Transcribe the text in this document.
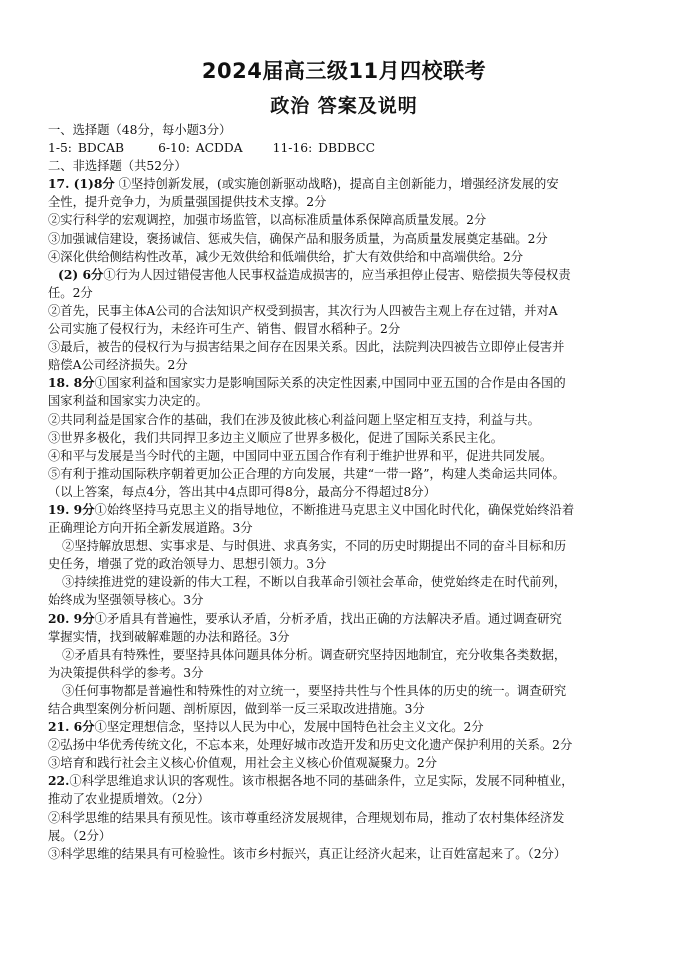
2024届高三级11月四校联考
政治 答案及说明
一、选择题（48分，每小题3分）
1-5: BDCAB	6-10: ACDDA 11-16: DBDBCC
二、非选择题（共52分）
17. (1)8分 ①坚持创新发展，(或实施创新驱动战略)，提高自主创新能力，增强经济发展的安
全性，提升竞争力，为质量强国提供技术支撑。2分
②实行科学的宏观调控，加强市场监管，以高标准质量体系保障高质量发展。2分
③加强诚信建设，褒扬诚信、惩戒失信，确保产品和服务质量，为高质量发展奠定基础。2分
④深化供给侧结构性改革，减少无效供给和低端供给，扩大有效供给和中高端供给。2分
(2) 6分①行为人因过错侵害他人民事权益造成损害的，应当承担停止侵害、赔偿损失等侵权责
任。2分
②首先，民事主体A公司的合法知识产权受到损害，其次行为人四被告主观上存在过错，并对A
公司实施了侵权行为，未经许可生产、销售、假冒水稻种子。2分
③最后，被告的侵权行为与损害结果之间存在因果关系。因此，法院判决四被告立即停止侵害并
赔偿A公司经济损失。2分
18. 8分①国家利益和国家实力是影响国际关系的决定性因素,中国同中亚五国的合作是由各国的
国家利益和国家实力决定的。
②共同利益是国家合作的基础，我们在涉及彼此核心利益问题上坚定相互支持，利益与共。
③世界多极化，我们共同捍卫多边主义顺应了世界多极化，促进了国际关系民主化。
④和平与发展是当今时代的主题，中国同中亚五国合作有利于维护世界和平，促进共同发展。
⑤有利于推动国际秩序朝着更加公正合理的方向发展，共建“一带一路”，构建人类命运共同体。
（以上答案，每点4分，答出其中4点即可得8分，最高分不得超过8分）
19. 9分①始终坚持马克思主义的指导地位，不断推进马克思主义中国化时代化，确保党始终沿着
正确理论方向开拓全新发展道路。3分
②坚持解放思想、实事求是、与时俱进、求真务实，不同的历史时期提出不同的奋斗目标和历
史任务，增强了党的政治领导力、思想引领力。3分
③持续推进党的建设新的伟大工程，不断以自我革命引领社会革命，使党始终走在时代前列，
始终成为坚强领导核心。3分
20. 9分①矛盾具有普遍性，要承认矛盾，分析矛盾，找出正确的方法解决矛盾。通过调查研究
掌握实情，找到破解难题的办法和路径。3分
②矛盾具有特殊性，要坚持具体问题具体分析。调查研究坚持因地制宜，充分收集各类数据，
为决策提供科学的参考。3分
③任何事物都是普遍性和特殊性的对立统一，要坚持共性与个性具体的历史的统一。调查研究
结合典型案例分析问题、剖析原因，做到举一反三采取改进措施。3分
21. 6分①坚定理想信念，坚持以人民为中心，发展中国特色社会主义文化。2分
②弘扬中华优秀传统文化，不忘本来，处理好城市改造开发和历史文化遗产保护利用的关系。2分
③培育和践行社会主义核心价值观，用社会主义核心价值观凝聚力。2分
22.①科学思维追求认识的客观性。该市根据各地不同的基础条件，立足实际，发展不同种植业，
推动了农业提质增效。（2分）
②科学思维的结果具有预见性。该市尊重经济发展规律，合理规划布局，推动了农村集体经济发
展。（2分）
③科学思维的结果具有可检验性。该市乡村振兴，真正让经济火起来，让百姓富起来了。（2分）
